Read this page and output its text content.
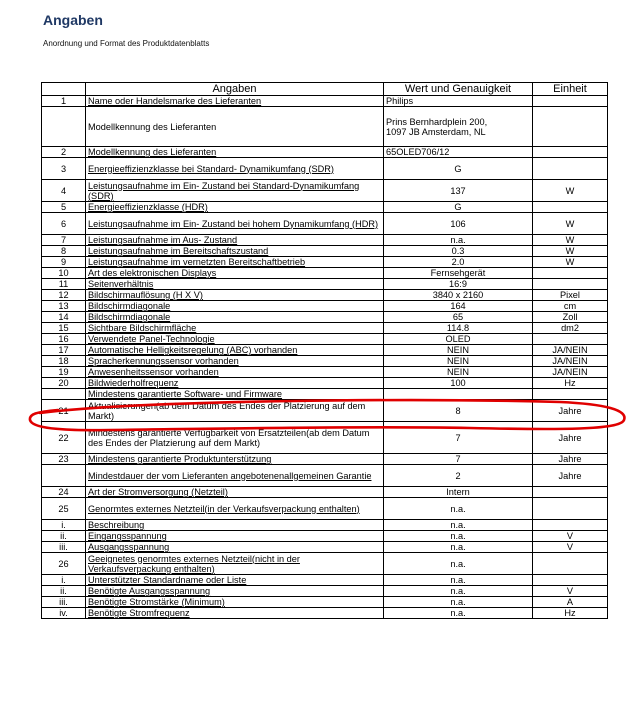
Angaben
Anordnung und Format des Produktdatenblatts
	Angaben	Wert und Genauigkeit	Einheit
1	Name oder Handelsmarke des Lieferanten	Philips	
	Modellkennung des Lieferanten	Prins Bernhardplein 200,
1097 JB Amsterdam, NL	
2	Modellkennung des Lieferanten	65OLED706/12	
3	Energieeffizienzklasse bei Standard- Dynamikumfang (SDR)	G	
4	Leistungsaufnahme im Ein- Zustand bei Standard-Dynamikumfang (SDR)	137	W
5	Energieeffizienzklasse (HDR)	G	
6	Leistungsaufnahme im Ein- Zustand bei hohem Dynamikumfang (HDR)	106	W
7	Leistungsaufnahme im Aus- Zustand	n.a.	W
8	Leistungsaufnahme im Bereitschaftszustand	0.3	W
9	Leistungsaufnahme im vernetzten Bereitschaftbetrieb	2.0	W
10	Art des elektronischen Displays	Fernsehgerät	
11	Seitenverhältnis	16:9	
12	Bildschirmauflösung (H X V)	3840 x 2160	Pixel
13	Bildschirmdiagonale	164	cm
14	Bildschirmdiagonale	65	Zoll
15	Sichtbare Bildschirmfläche	114.8	dm2
16	Verwendete Panel-Technologie	OLED	
17	Automatische Helligkeitsregelung (ABC) vorhanden	NEIN	JA/NEIN
18	Spracherkennungssensor vorhanden	NEIN	JA/NEIN
19	Anwesenheitssensor vorhanden	NEIN	JA/NEIN
20	Bildwiederholfrequenz	100	Hz
	Mindestens garantierte Software- und Firmware		
21	Aktualisierungen(ab dem Datum des Endes der Platzierung auf dem Markt)	8	Jahre
22	Mindestens garantierte Verfügbarkeit von Ersatzteilen(ab dem Datum des Endes der Platzierung auf dem Markt)	7	Jahre
23	Mindestens garantierte Produktunterstützung	7	Jahre
	Mindestdauer der vom Lieferanten angebotenenallgemeinen Garantie	2	Jahre
24	Art der Stromversorgung (Netzteil)	Intern	
25	Genormtes externes Netzteil(in der Verkaufsverpackung enthalten)	n.a.	
i.	Beschreibung	n.a.	
ii.	Eingangsspannung	n.a.	V
iii.	Ausgangsspannung	n.a.	V
26	Geeignetes genormtes externes Netzteil(nicht in der Verkaufsverpackung enthalten)	n.a.	
i.	Unterstützter Standardname oder Liste	n.a.	
ii.	Benötigte Ausgangsspannung	n.a.	V
iii.	Benötigte Stromstärke (Minimum)	n.a.	A
iv.	Benötigte Stromfrequenz	n.a.	Hz
